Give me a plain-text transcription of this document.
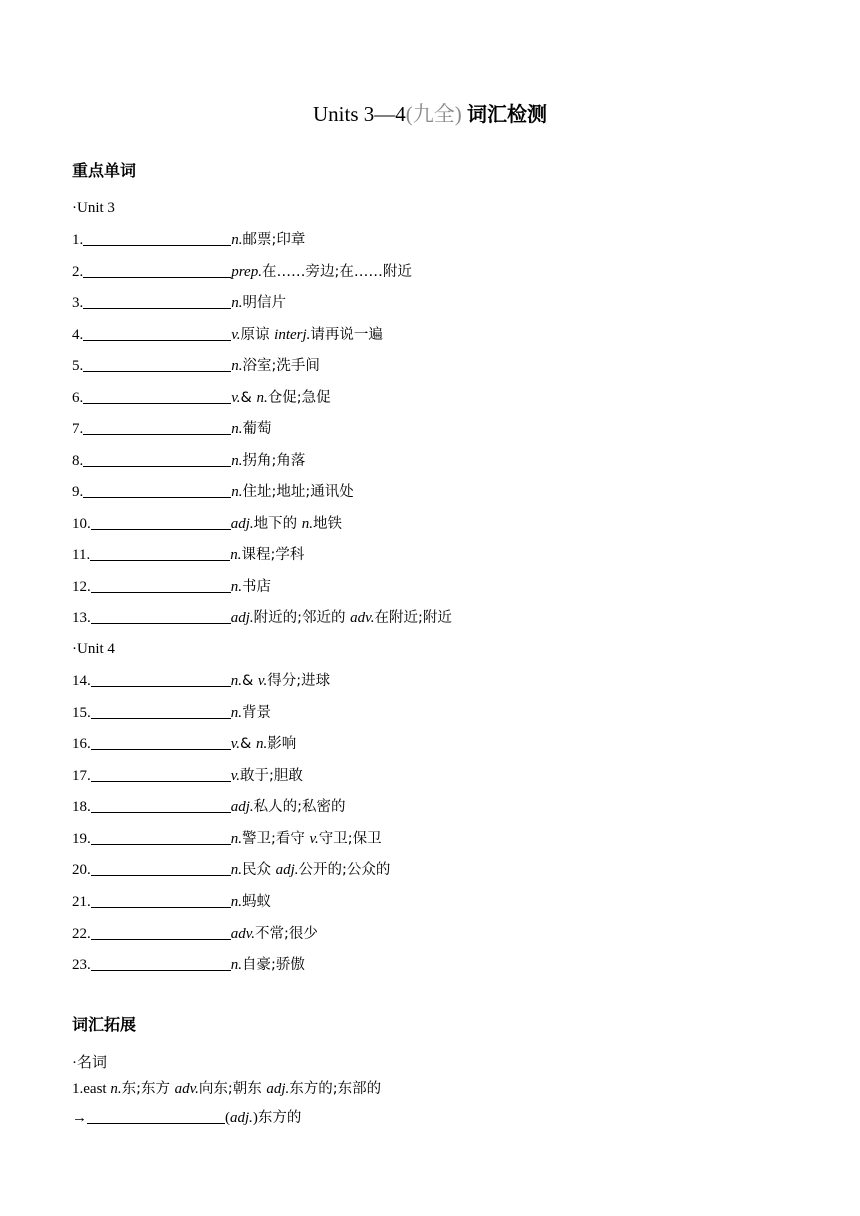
Units 3—4(九全) 词汇检测
重点单词
·Unit 3
1.	n.邮票;印章
2.	prep.在……旁边;在……附近
3.	n.明信片
4.	v.原谅 interj.请再说一遍
5.	n.浴室;洗手间
6.	v.& n.仓促;急促
7.	n.葡萄
8.	n.拐角;角落
9.	n.住址;地址;通讯处
10.	adj.地下的 n.地铁
11.	n.课程;学科
12.	n.书店
13.	adj.附近的;邻近的 adv.在附近;附近
·Unit 4
14.	n.& v.得分;进球
15.	n.背景
16.	v.& n.影响
17.	v.敢于;胆敢
18.	adj.私人的;私密的
19.	n.警卫;看守 v.守卫;保卫
20.	n.民众 adj.公开的;公众的
21.	n.蚂蚁
22.	adv.不常;很少
23.	n.自豪;骄傲
词汇拓展
·名词
1.east n.东;东方 adv.向东;朝东 adj.东方的;东部的
→	(adj.)东方的
